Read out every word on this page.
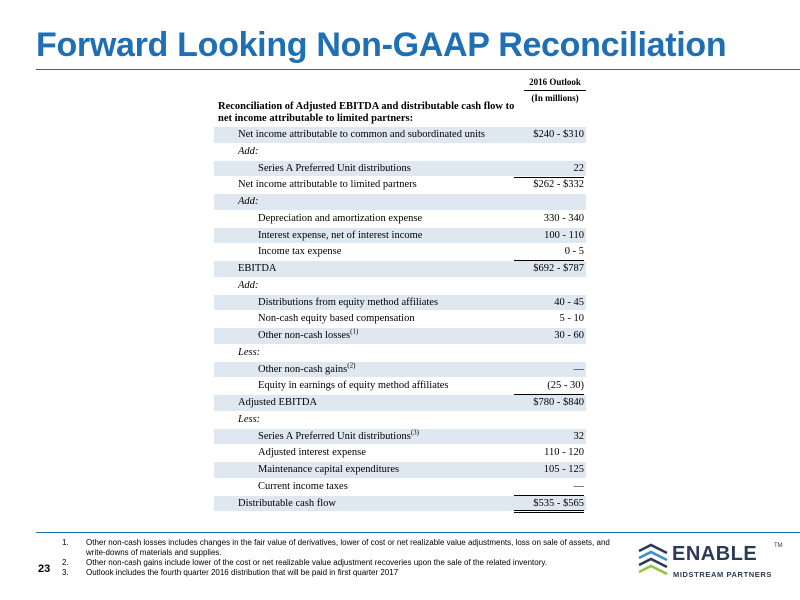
Forward Looking Non-GAAP Reconciliation
2016 Outlook
(In millions)
Reconciliation of Adjusted EBITDA and distributable cash flow to net income attributable to limited partners:
Net income attributable to common and subordinated units	$240 - $310
Add:
Series A Preferred Unit distributions	22
Net income attributable to limited partners	$262 - $332
Add:
Depreciation and amortization expense	330 - 340
Interest expense, net of interest income	100 - 110
Income tax expense	0 - 5
EBITDA	$692 - $787
Add:
Distributions from equity method affiliates	40 - 45
Non-cash equity based compensation	5 - 10
Other non-cash losses$^{(1)}$	30 - 60
Less:
Other non-cash gains$^{(2)}$	—
Equity in earnings of equity method affiliates	(25 - 30)
Adjusted EBITDA	$780 - $840
Less:
Series A Preferred Unit distributions$^{(3)}$	32
Adjusted interest expense	110 - 120
Maintenance capital expenditures	105 - 125
Current income taxes	—
Distributable cash flow	$535 - $565
23
1. Other non-cash losses includes changes in the fair value of derivatives, lower of cost or net realizable value adjustments, loss on sale of assets, and write-downs of materials and supplies.
2. Other non-cash gains include lower of the cost or net realizable value adjustment recoveries upon the sale of the related inventory.
3. Outlook includes the fourth quarter 2016 distribution that will be paid in first quarter 2017
ENABLE	TM
MIDSTREAM PARTNERS
